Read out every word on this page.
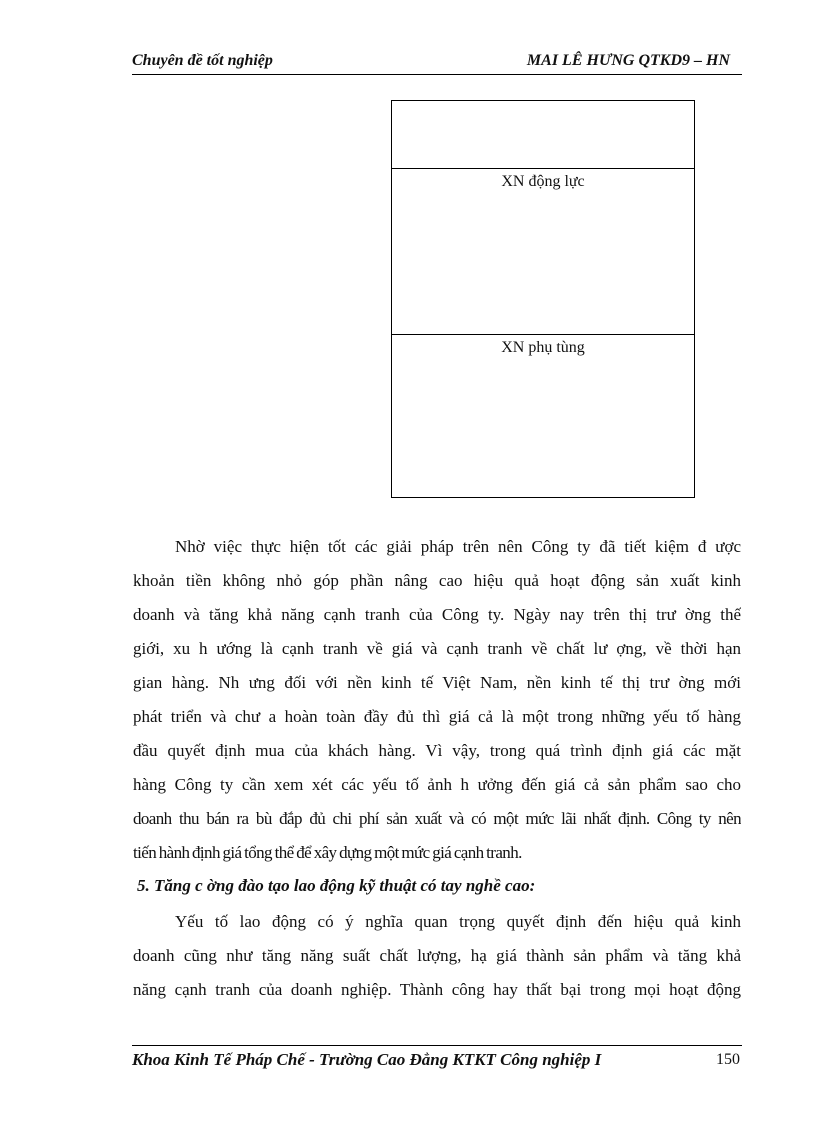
Chuyên đề tốt nghiệp	MAI LÊ HƯNG QTKD9 – HN
XN động lực
XN phụ tùng

Nhờ việc thực hiện tốt các giải pháp trên nên Công ty đã tiết kiệm đ ược

khoản tiền không nhỏ góp phần nâng cao hiệu quả hoạt động sản xuất kinh

doanh và tăng khả năng cạnh tranh của Công ty. Ngày nay trên thị trư ờng thế

giới, xu h ướng là cạnh tranh về giá và cạnh tranh về chất lư ợng, về thời hạn

gian hàng. Nh ưng đối với nền kinh tế Việt Nam, nền kinh tế thị trư ờng mới

phát triển và chư a hoàn toàn đầy đủ thì giá cả là một trong những yếu tố hàng

đầu quyết định mua của khách hàng. Vì vậy, trong quá trình định giá các mặt

hàng Công ty cần xem xét các yếu tố ảnh h ưởng đến giá cả sản phẩm sao cho

doanh thu bán ra bù đắp đủ chi phí sản xuất và có một mức lãi nhất định. Công ty nên

tiến hành định giá tổng thể để xây dựng một mức giá cạnh tranh.

5. Tăng c ờng đào tạo lao động kỹ thuật có tay nghề cao:

Yếu tố lao động có ý nghĩa quan trọng quyết định đến hiệu quả kinh

doanh cũng như tăng năng suất chất lượng, hạ giá thành sản phẩm và tăng khả

năng cạnh tranh của doanh nghiệp. Thành công hay thất bại trong mọi hoạt động

Khoa Kinh Tế Pháp Chế - Trường Cao Đẳng KTKT Công nghiệp I	150
